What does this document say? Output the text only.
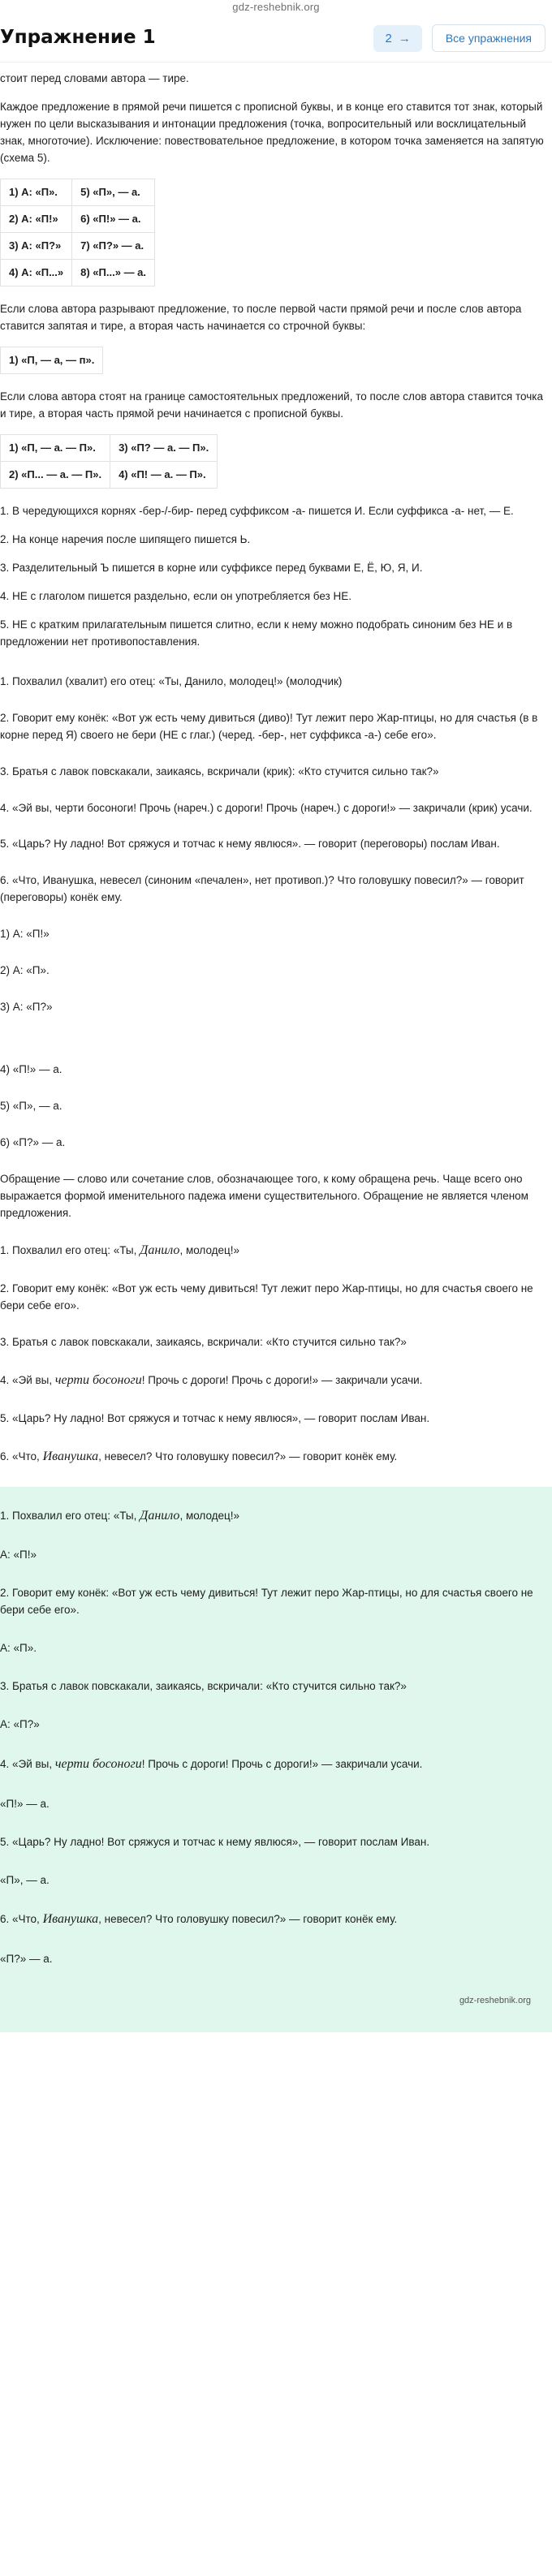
gdz-reshebnik.org
Упражнение 1	2 →	Все упражнения

стоит перед словами автора — тире.

Каждое предложение в прямой речи пишется с прописной буквы, и в конце его ставится тот знак, который нужен по цели высказывания и интонации предложения (точка, вопросительный или восклицательный знак, многоточие). Исключение: повествовательное предложение, в котором точка заменяется на запятую (схема 5).

1) А: «П».	5) «П», — а.
2) А: «П!»	6) «П!» — а.
3) А: «П?»	7) «П?» — а.
4) А: «П...»	8) «П...» — а.

Если слова автора разрывают предложение, то после первой части прямой речи и после слов автора ставится запятая и тире, а вторая часть начинается со строчной буквы:

1) «П, — а, — п».

Если слова автора стоят на границе самостоятельных предложений, то после слов автора ставится точка и тире, а вторая часть прямой речи начинается с прописной буквы.

1) «П, — а. — П».	3) «П? — а. — П».
2) «П... — а. — П».	4) «П! — а. — П».

1. В чередующихся корнях -бер-/-бир- перед суффиксом -а- пишется И. Если суффикса -а- нет, — Е.

2. На конце наречия после шипящего пишется Ь.

3. Разделительный Ъ пишется в корне или суффиксе перед буквами Е, Ё, Ю, Я, И.

4. НЕ с глаголом пишется раздельно, если он употребляется без НЕ.

5. НЕ с кратким прилагательным пишется слитно, если к нему можно подобрать синоним без НЕ и в предложении нет противопоставления.

1. Похвалил (хвалит) его отец: «Ты, Данило, молодец!» (молодчик)

2. Говорит ему конёк: «Вот уж есть чему дивиться (диво)! Тут лежит перо Жар-птицы, но для счастья (в в корне перед Я) своего не бери (НЕ с глаг.) (черед. -бер-, нет суффикса -а-) себе его».

3. Братья с лавок повскакали, заикаясь, вскричали (крик): «Кто стучится сильно так?»

4. «Эй вы, черти босоноги! Прочь (нареч.) с дороги! Прочь (нареч.) с дороги!» — закричали (крик) усачи.

5. «Царь? Ну ладно! Вот сряжуся и тотчас к нему явлюся». — говорит (переговоры) послам Иван.

6. «Что, Иванушка, невесел (синоним «печален», нет противоп.)? Что головушку повесил?» — говорит (переговоры) конёк ему.

1) А: «П!»

2) А: «П».

3) А: «П?»

4) «П!» — а.

5) «П», — а.

6) «П?» — а.

Обращение — слово или сочетание слов, обозначающее того, к кому обращена речь. Чаще всего оно выражается формой именительного падежа имени существительного. Обращение не является членом предложения.

1. Похвалил его отец: «Ты, Данило, молодец!»

2. Говорит ему конёк: «Вот уж есть чему дивиться! Тут лежит перо Жар-птицы, но для счастья своего не бери себе его».

3. Братья с лавок повскакали, заикаясь, вскричали: «Кто стучится сильно так?»

4. «Эй вы, черти босоноги! Прочь с дороги! Прочь с дороги!» — закричали усачи.

5. «Царь? Ну ладно! Вот сряжуся и тотчас к нему явлюся», — говорит послам Иван.

6. «Что, Иванушка, невесел? Что головушку повесил?» — говорит конёк ему.

1. Похвалил его отец: «Ты, Данило, молодец!»

А: «П!»

2. Говорит ему конёк: «Вот уж есть чему дивиться! Тут лежит перо Жар-птицы, но для счастья своего не бери себе его».

А: «П».

3. Братья с лавок повскакали, заикаясь, вскричали: «Кто стучится сильно так?»

А: «П?»

4. «Эй вы, черти босоноги! Прочь с дороги! Прочь с дороги!» — закричали усачи.

«П!» — а.

5. «Царь? Ну ладно! Вот сряжуся и тотчас к нему явлюся», — говорит послам Иван.

«П», — а.

6. «Что, Иванушка, невесел? Что головушку повесил?» — говорит конёк ему.

«П?» — а.

gdz-reshebnik.org
